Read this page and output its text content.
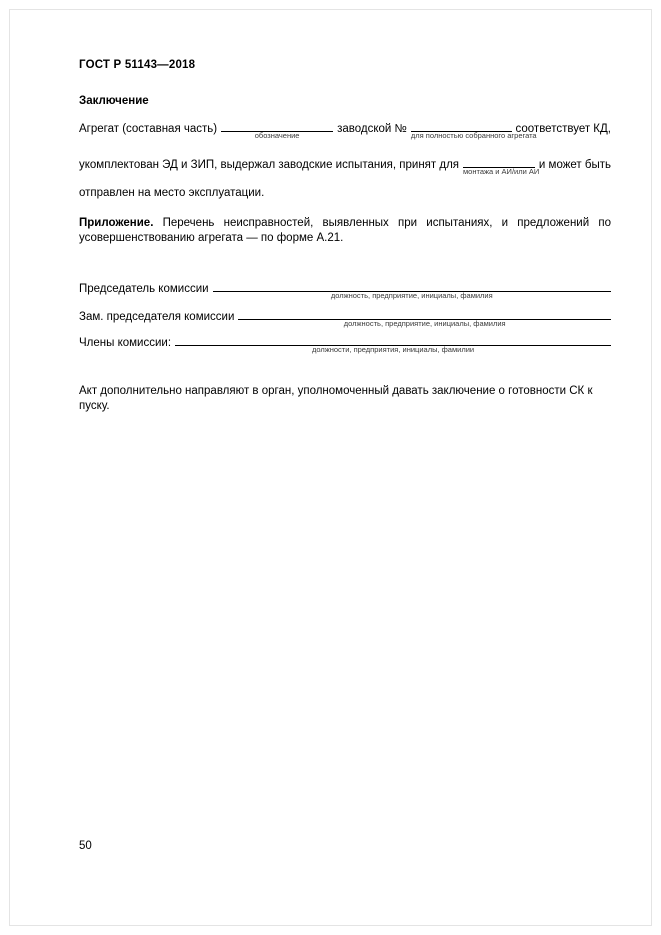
ГОСТ Р 51143—2018
Заключение
Агрегат (составная часть)
обозначение
заводской №
для полностью собранного агрегата
соответствует КД,
укомплектован ЭД и ЗИП, выдержал заводские испытания, принят для
монтажа и АИ/или АИ
и может быть
отправлен на место эксплуатации.
Приложение. Перечень неисправностей, выявленных при испытаниях, и предложений по усовершенствованию агрегата — по форме А.21.
Председатель комиссии
должность, предприятие, инициалы, фамилия
Зам. председателя комиссии
должность, предприятие, инициалы, фамилия
Члены комиссии:
должности, предприятия, инициалы, фамилии
Акт дополнительно направляют в орган, уполномоченный давать заключение о готовности СК к пуску.
50
